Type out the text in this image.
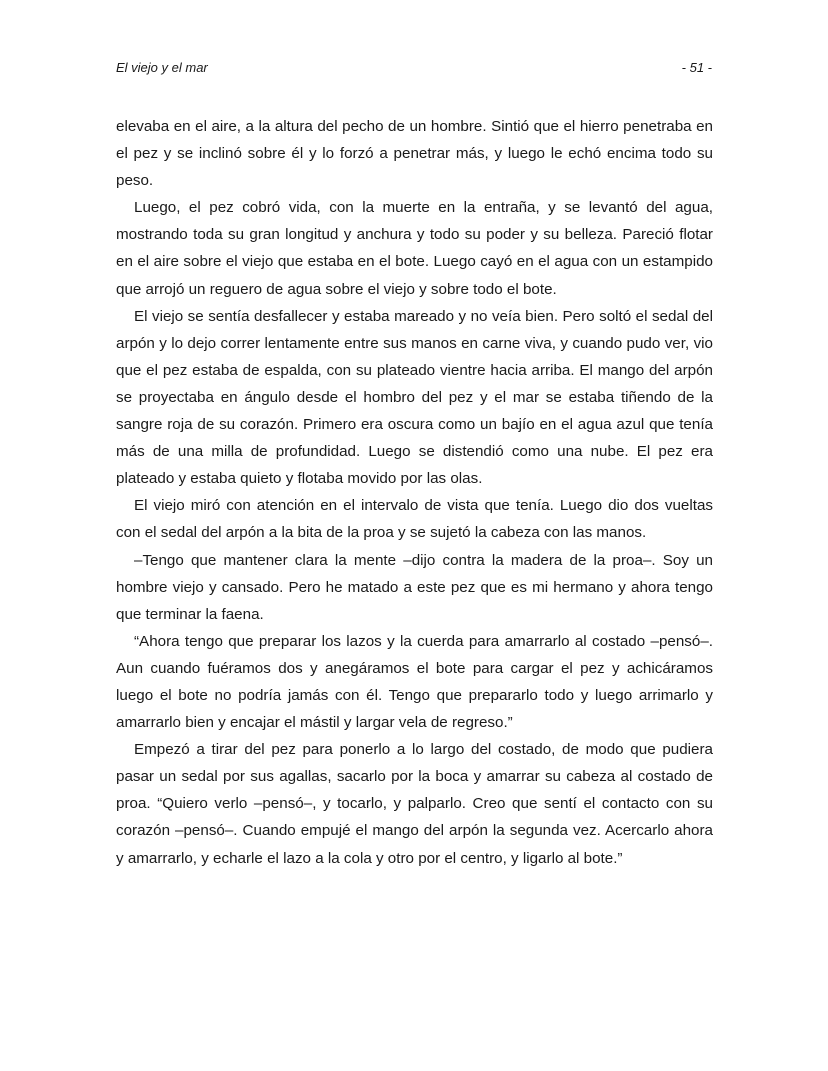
El viejo y el mar	- 51 -

elevaba en el aire, a la altura del pecho de un hombre. Sintió que el hierro penetraba en el pez y se inclinó sobre él y lo forzó a penetrar más, y luego le echó encima todo su peso.

Luego, el pez cobró vida, con la muerte en la entraña, y se levantó del agua, mostrando toda su gran longitud y anchura y todo su poder y su belleza. Pareció flotar en el aire sobre el viejo que estaba en el bote. Luego cayó en el agua con un estampido que arrojó un reguero de agua sobre el viejo y sobre todo el bote.

El viejo se sentía desfallecer y estaba mareado y no veía bien. Pero soltó el sedal del arpón y lo dejo correr lentamente entre sus manos en carne viva, y cuando pudo ver, vio que el pez estaba de espalda, con su plateado vientre hacia arriba. El mango del arpón se proyectaba en ángulo desde el hombro del pez y el mar se estaba tiñendo de la sangre roja de su corazón. Primero era oscura como un bajío en el agua azul que tenía más de una milla de profundidad. Luego se distendió como una nube. El pez era plateado y estaba quieto y flotaba movido por las olas.

El viejo miró con atención en el intervalo de vista que tenía. Luego dio dos vueltas con el sedal del arpón a la bita de la proa y se sujetó la cabeza con las manos.

–Tengo que mantener clara la mente –dijo contra la madera de la proa–. Soy un hombre viejo y cansado. Pero he matado a este pez que es mi hermano y ahora tengo que terminar la faena.

“Ahora tengo que preparar los lazos y la cuerda para amarrarlo al costado –pensó–. Aun cuando fuéramos dos y anegáramos el bote para cargar el pez y achicáramos luego el bote no podría jamás con él. Tengo que prepararlo todo y luego arrimarlo y amarrarlo bien y encajar el mástil y largar vela de regreso.”

Empezó a tirar del pez para ponerlo a lo largo del costado, de modo que pudiera pasar un sedal por sus agallas, sacarlo por la boca y amarrar su cabeza al costado de proa. “Quiero verlo –pensó–, y tocarlo, y palparlo. Creo que sentí el contacto con su corazón –pensó–. Cuando empujé el mango del arpón la segunda vez. Acercarlo ahora y amarrarlo, y echarle el lazo a la cola y otro por el centro, y ligarlo al bote.”
